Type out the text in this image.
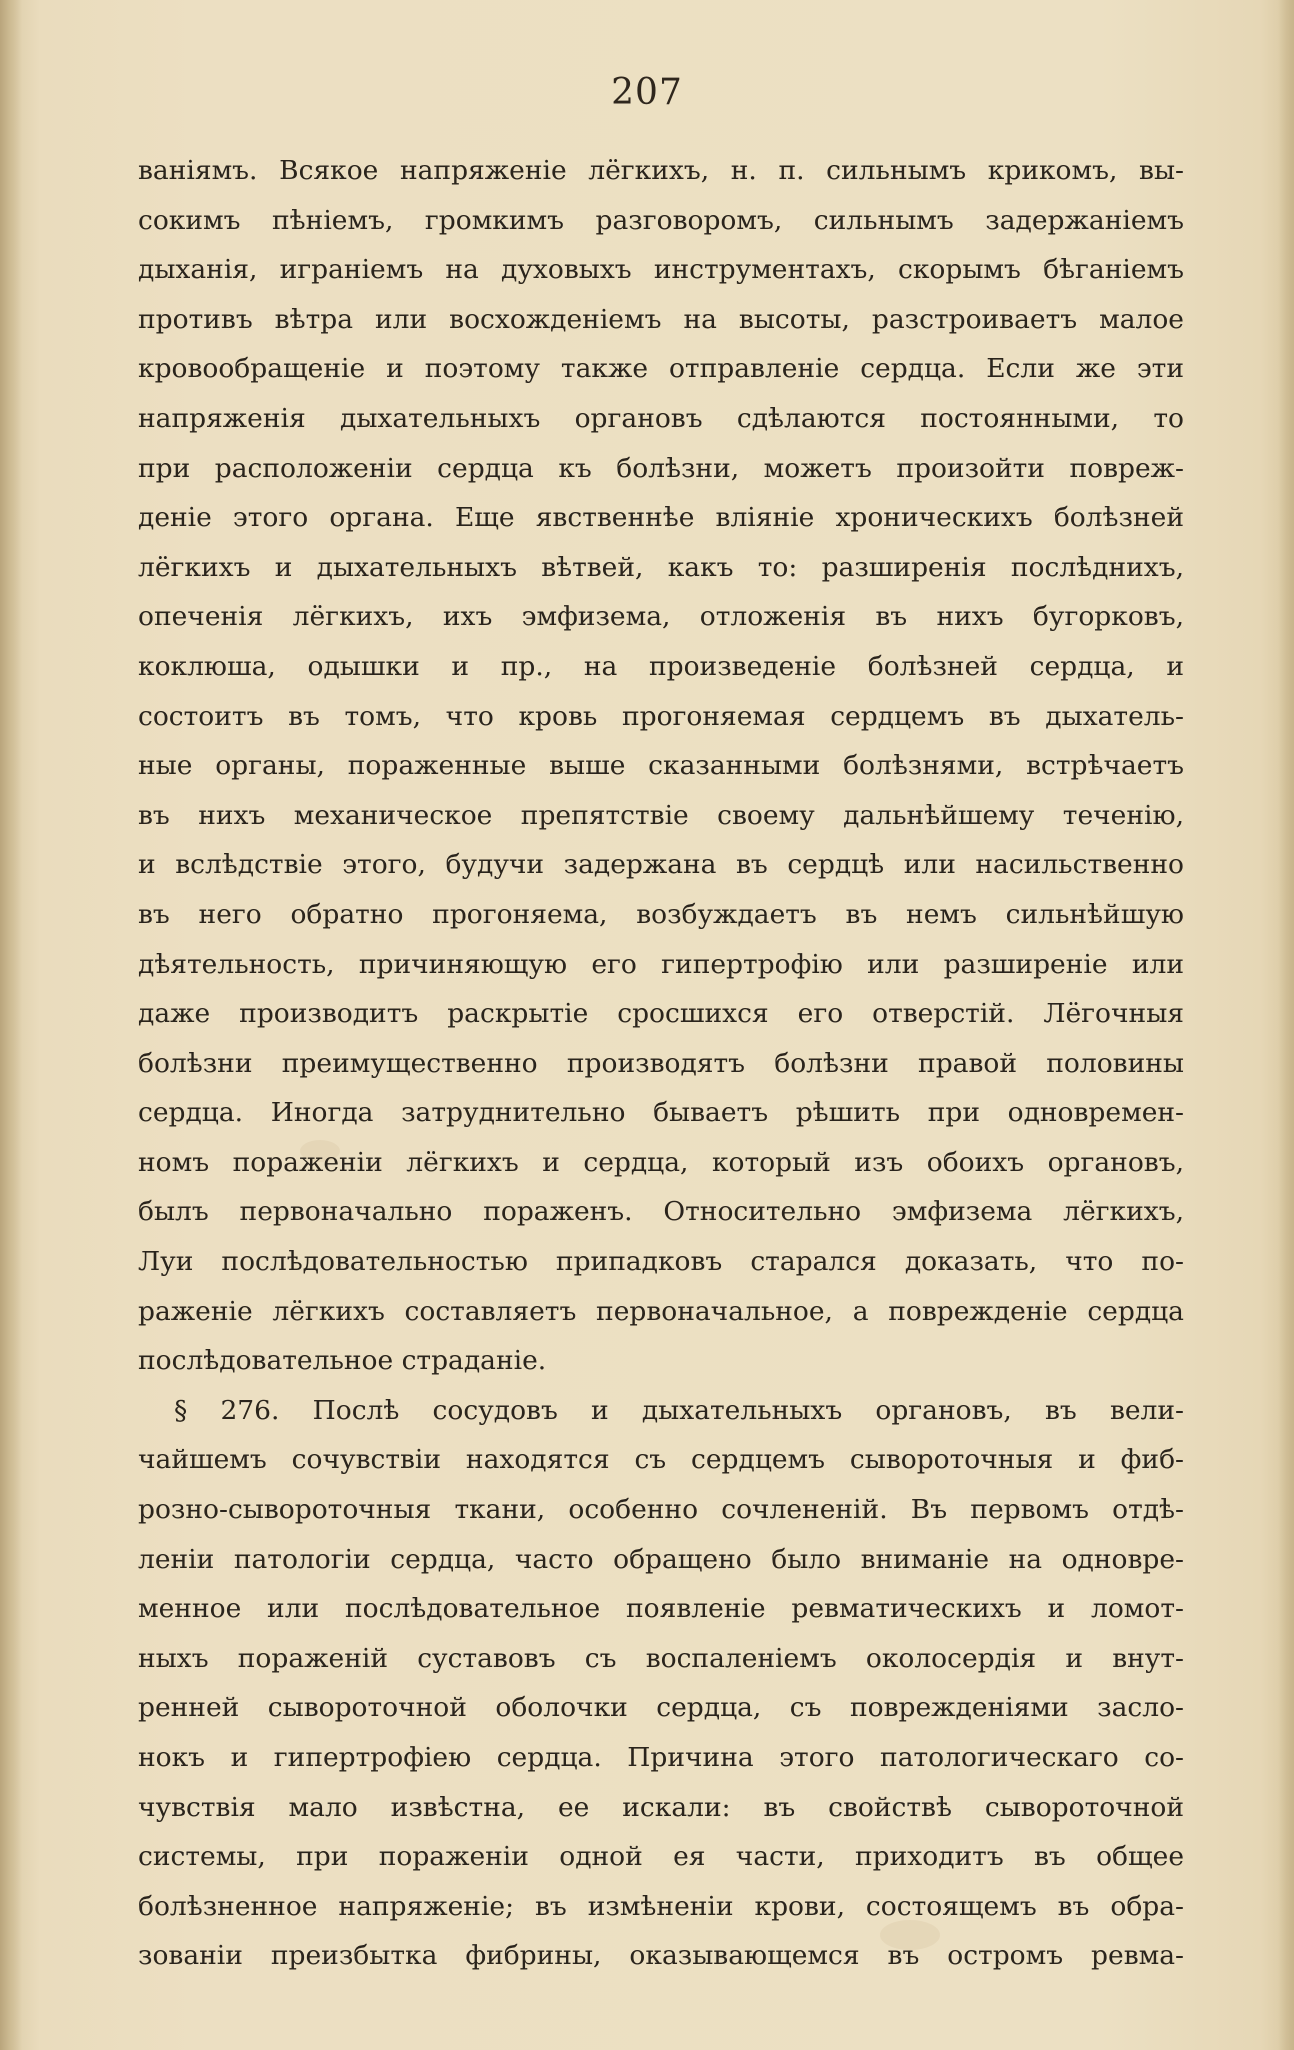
207
ваніямъ. Всякое напряженіе лёгкихъ, н. п. сильнымъ крикомъ, вы-
сокимъ пѣніемъ, громкимъ разговоромъ, сильнымъ задержаніемъ
дыханія, играніемъ на духовыхъ инструментахъ, скорымъ бѣганіемъ
противъ вѣтра или восхожденіемъ на высоты, разстроиваетъ малое
кровообращеніе и поэтому также отправленіе сердца. Если же эти
напряженія дыхательныхъ органовъ сдѣлаются постоянными, то
при расположеніи сердца къ болѣзни, можетъ произойти повреж-
деніе этого органа. Еще явственнѣе вліяніе хроническихъ болѣзней
лёгкихъ и дыхательныхъ вѣтвей, какъ то: разширенія послѣднихъ,
опеченія лёгкихъ, ихъ эмфизема, отложенія въ нихъ бугорковъ,
коклюша, одышки и пр., на произведеніе болѣзней сердца, и
состоитъ въ томъ, что кровь прогоняемая сердцемъ въ дыхатель-
ные органы, пораженные выше сказанными болѣзнями, встрѣчаетъ
въ нихъ механическое препятствіе своему дальнѣйшему теченію,
и вслѣдствіе этого, будучи задержана въ сердцѣ или насильственно
въ него обратно прогоняема, возбуждаетъ въ немъ сильнѣйшую
дѣятельность, причиняющую его гипертрофію или разширеніе или
даже производитъ раскрытіе сросшихся его отверстій. Лёгочныя
болѣзни преимущественно производятъ болѣзни правой половины
сердца. Иногда затруднительно бываетъ рѣшить при одновремен-
номъ пораженіи лёгкихъ и сердца, который изъ обоихъ органовъ,
былъ первоначально пораженъ. Относительно эмфизема лёгкихъ,
Луи послѣдовательностью припадковъ старался доказать, что по-
раженіе лёгкихъ составляетъ первоначальное, а поврежденіе сердца
послѣдовательное страданіе.
§ 276. Послѣ сосудовъ и дыхательныхъ органовъ, въ вели-
чайшемъ сочувствіи находятся съ сердцемъ сывороточныя и фиб-
розно-сывороточныя ткани, особенно сочлененій. Въ первомъ отдѣ-
леніи патологіи сердца, часто обращено было вниманіе на одновре-
менное или послѣдовательное появленіе ревматическихъ и ломот-
ныхъ пораженій суставовъ съ воспаленіемъ околосердія и внут-
ренней сывороточной оболочки сердца, съ поврежденіями засло-
нокъ и гипертрофіею сердца. Причина этого патологическаго со-
чувствія мало извѣстна, ее искали: въ свойствѣ сывороточной
системы, при пораженіи одной ея части, приходитъ въ общее
болѣзненное напряженіе; въ измѣненіи крови, состоящемъ въ обра-
зованіи преизбытка фибрины, оказывающемся въ остромъ ревма-
